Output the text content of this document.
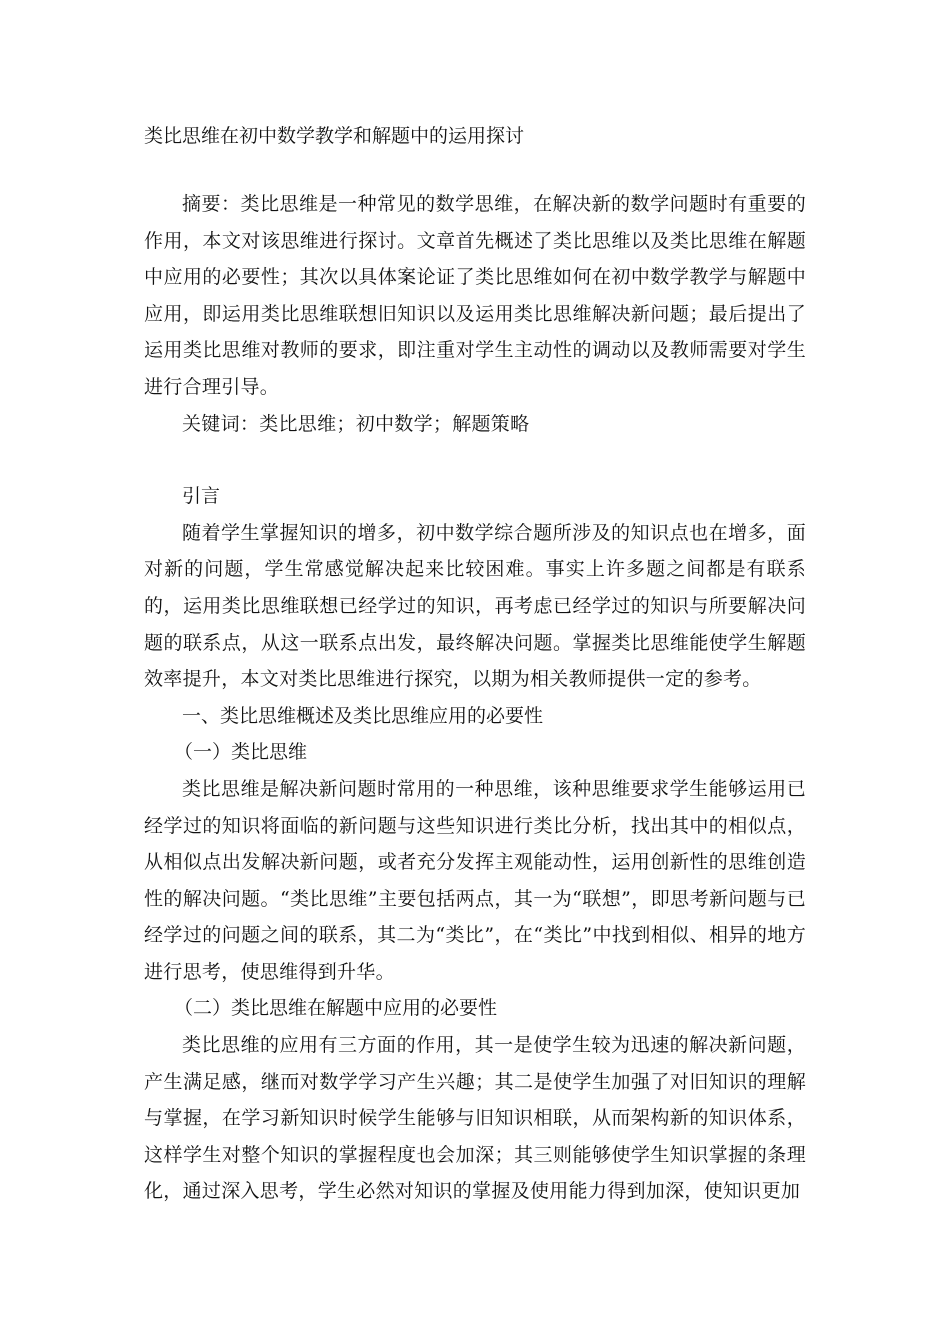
类比思维在初中数学教学和解题中的运用探讨

摘要：类比思维是一种常见的数学思维，在解决新的数学问题时有重要的作用，本文对该思维进行探讨。文章首先概述了类比思维以及类比思维在解题中应用的必要性；其次以具体案论证了类比思维如何在初中数学教学与解题中应用，即运用类比思维联想旧知识以及运用类比思维解决新问题；最后提出了运用类比思维对教师的要求，即注重对学生主动性的调动以及教师需要对学生进行合理引导。

关键词：类比思维；初中数学；解题策略

引言

随着学生掌握知识的增多，初中数学综合题所涉及的知识点也在增多，面对新的问题，学生常感觉解决起来比较困难。事实上许多题之间都是有联系的，运用类比思维联想已经学过的知识，再考虑已经学过的知识与所要解决问题的联系点，从这一联系点出发，最终解决问题。掌握类比思维能使学生解题效率提升，本文对类比思维进行探究，以期为相关教师提供一定的参考。

一、类比思维概述及类比思维应用的必要性

（一）类比思维

类比思维是解决新问题时常用的一种思维，该种思维要求学生能够运用已经学过的知识将面临的新问题与这些知识进行类比分析，找出其中的相似点，从相似点出发解决新问题，或者充分发挥主观能动性，运用创新性的思维创造性的解决问题。“类比思维”主要包括两点，其一为“联想”，即思考新问题与已经学过的问题之间的联系，其二为“类比”，在“类比”中找到相似、相异的地方进行思考，使思维得到升华。

（二）类比思维在解题中应用的必要性

类比思维的应用有三方面的作用，其一是使学生较为迅速的解决新问题，产生满足感，继而对数学学习产生兴趣；其二是使学生加强了对旧知识的理解与掌握，在学习新知识时候学生能够与旧知识相联，从而架构新的知识体系，这样学生对整个知识的掌握程度也会加深；其三则能够使学生知识掌握的条理化，通过深入思考，学生必然对知识的掌握及使用能力得到加深，使知识更加
